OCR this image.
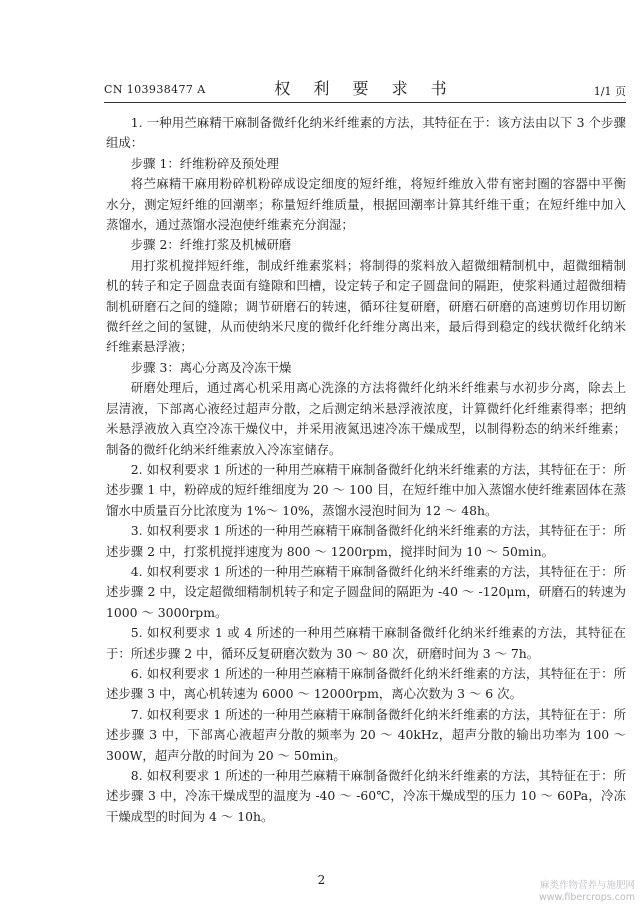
CN 103938477 A	权 利 要 求 书	1/1 页

1. 一种用苎麻精干麻制备微纤化纳米纤维素的方法，其特征在于：该方法由以下 3 个步骤组成：

步骤 1：纤维粉碎及预处理

将苎麻精干麻用粉碎机粉碎成设定细度的短纤维，将短纤维放入带有密封圈的容器中平衡水分，测定短纤维的回潮率；称量短纤维质量，根据回潮率计算其纤维干重；在短纤维中加入蒸馏水，通过蒸馏水浸泡使纤维素充分润湿；

步骤 2：纤维打浆及机械研磨

用打浆机搅拌短纤维，制成纤维素浆料；将制得的浆料放入超微细精制机中，超微细精制机的转子和定子圆盘表面有缝隙和凹槽，设定转子和定子圆盘间的隔距，使浆料通过超微细精制机研磨石之间的缝隙；调节研磨石的转速，循环往复研磨，研磨石研磨的高速剪切作用切断微纤丝之间的氢键，从而使纳米尺度的微纤化纤维分离出来，最后得到稳定的线状微纤化纳米纤维素悬浮液；

步骤 3：离心分离及冷冻干燥

研磨处理后，通过离心机采用离心洗涤的方法将微纤化纳米纤维素与水初步分离，除去上层清液，下部离心液经过超声分散，之后测定纳米悬浮液浓度，计算微纤化纤维素得率；把纳米悬浮液放入真空冷冻干燥仪中，并采用液氮迅速冷冻干燥成型，以制得粉态的纳米纤维素；制备的微纤化纳米纤维素放入冷冻室储存。

2. 如权利要求 1 所述的一种用苎麻精干麻制备微纤化纳米纤维素的方法，其特征在于：所述步骤 1 中，粉碎成的短纤维细度为 20 ～ 100 目，在短纤维中加入蒸馏水使纤维素固体在蒸馏水中质量百分比浓度为 1%～ 10%，蒸馏水浸泡时间为 12 ～ 48h。

3. 如权利要求 1 所述的一种用苎麻精干麻制备微纤化纳米纤维素的方法，其特征在于：所述步骤 2 中，打浆机搅拌速度为 800 ～ 1200rpm，搅拌时间为 10 ～ 50min。

4. 如权利要求 1 所述的一种用苎麻精干麻制备微纤化纳米纤维素的方法，其特征在于：所述步骤 2 中，设定超微细精制机转子和定子圆盘间的隔距为 -40 ～ -120μm，研磨石的转速为 1000 ～ 3000rpm。

5. 如权利要求 1 或 4 所述的一种用苎麻精干麻制备微纤化纳米纤维素的方法，其特征在于：所述步骤 2 中，循环反复研磨次数为 30 ～ 80 次，研磨时间为 3 ～ 7h。

6. 如权利要求 1 所述的一种用苎麻精干麻制备微纤化纳米纤维素的方法，其特征在于：所述步骤 3 中，离心机转速为 6000 ～ 12000rpm，离心次数为 3 ～ 6 次。

7. 如权利要求 1 所述的一种用苎麻精干麻制备微纤化纳米纤维素的方法，其特征在于：所述步骤 3 中，下部离心液超声分散的频率为 20 ～ 40kHz，超声分散的输出功率为 100 ～ 300W，超声分散的时间为 20 ～ 50min。

8. 如权利要求 1 所述的一种用苎麻精干麻制备微纤化纳米纤维素的方法，其特征在于：所述步骤 3 中，冷冻干燥成型的温度为 -40 ～ -60℃，冷冻干燥成型的压力 10 ～ 60Pa，冷冻干燥成型的时间为 4 ～ 10h。

2	麻类作物营养与施肥网
www.fibercrops.com
